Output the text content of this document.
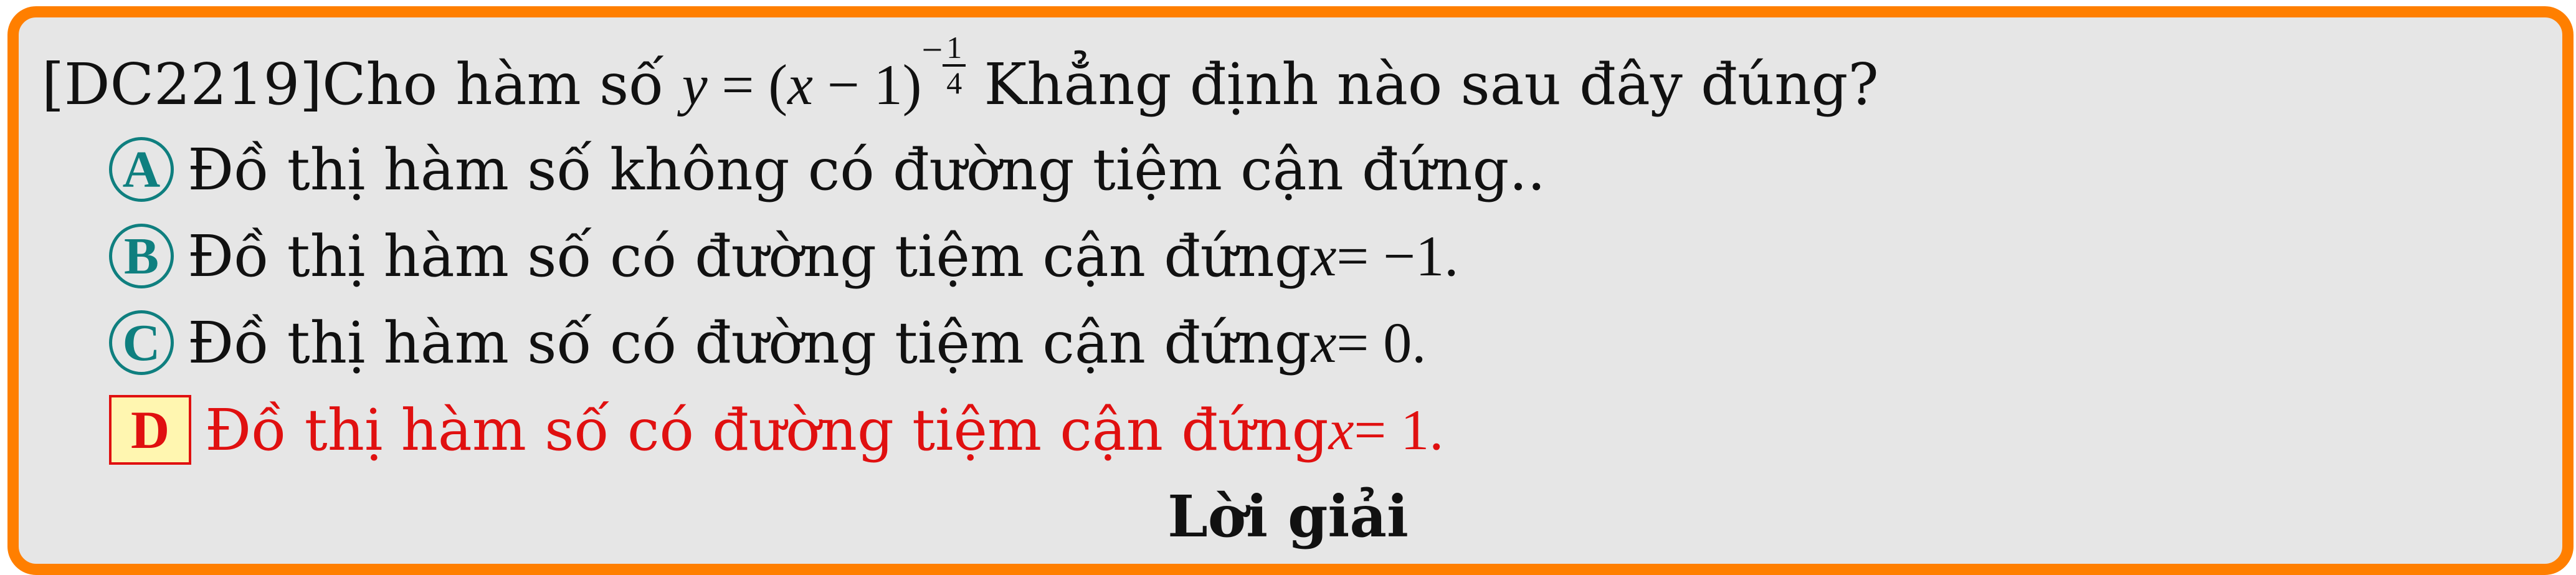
[DC2219]Cho hàm số $y = (x - 1)- \frac{1}{4}$ Khẳng định nào sau đây đúng?
A Đồ thị hàm số không có đường tiệm cận đứng..
B Đồ thị hàm số có đường tiệm cận đứng x = −1.
C Đồ thị hàm số có đường tiệm cận đứng x = 0.
D Đồ thị hàm số có đường tiệm cận đứng x = 1.
Lời giải
